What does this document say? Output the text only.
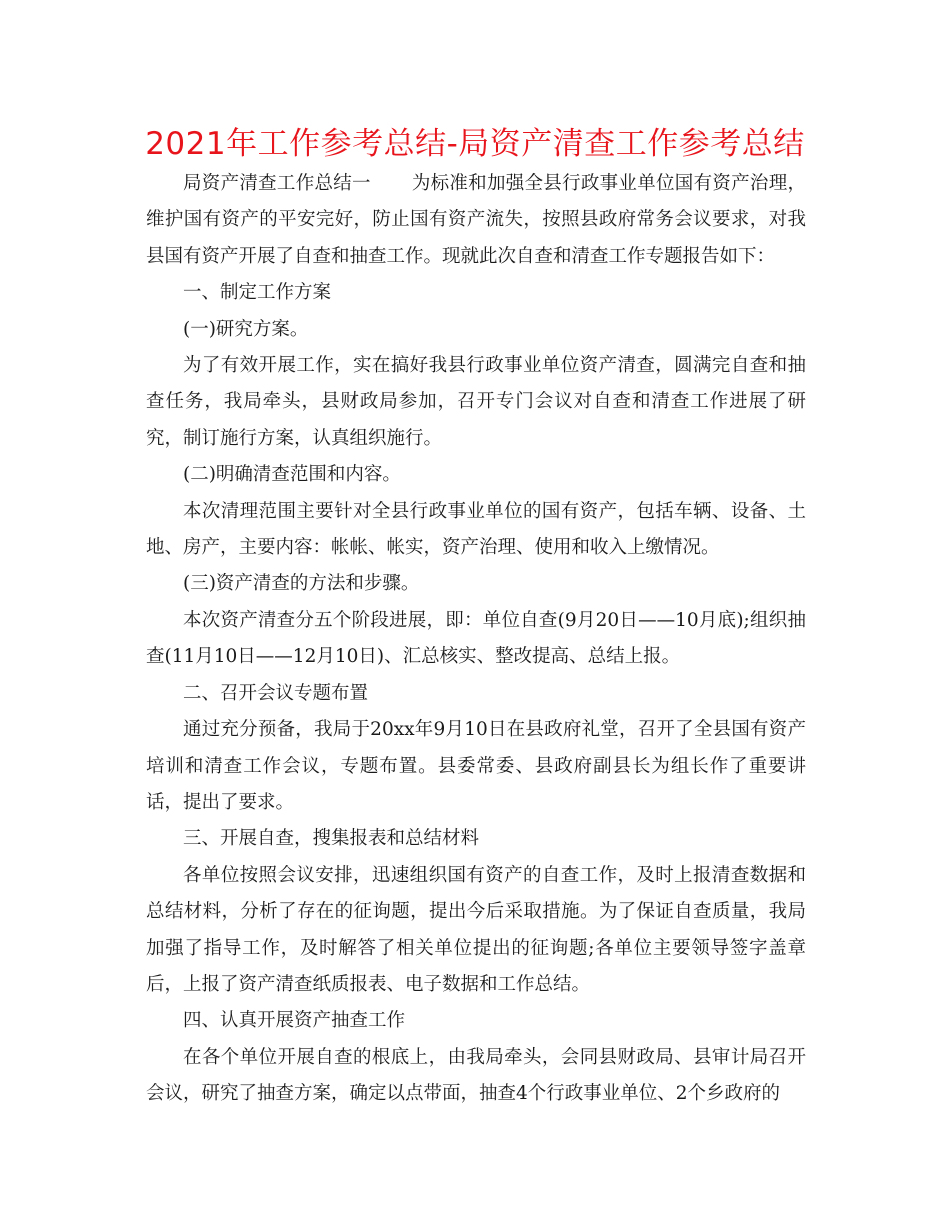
2021年工作参考总结-局资产清查工作参考总结

局资产清查工作总结一 为标准和加强全县行政事业单位国有资产治理，维护国有资产的平安完好，防止国有资产流失，按照县政府常务会议要求，对我县国有资产开展了自查和抽查工作。现就此次自查和清查工作专题报告如下：

一、制定工作方案

(一)研究方案。

为了有效开展工作，实在搞好我县行政事业单位资产清查，圆满完自查和抽查任务，我局牵头，县财政局参加，召开专门会议对自查和清查工作进展了研究，制订施行方案，认真组织施行。

(二)明确清查范围和内容。

本次清理范围主要针对全县行政事业单位的国有资产，包括车辆、设备、土地、房产，主要内容：帐帐、帐实，资产治理、使用和收入上缴情况。

(三)资产清查的方法和步骤。

本次资产清查分五个阶段进展，即：单位自查(9月20日——10月底);组织抽查(11月10日——12月10日)、汇总核实、整改提高、总结上报。

二、召开会议专题布置

通过充分预备，我局于20xx年9月10日在县政府礼堂，召开了全县国有资产培训和清查工作会议，专题布置。县委常委、县政府副县长为组长作了重要讲话，提出了要求。

三、开展自查，搜集报表和总结材料

各单位按照会议安排，迅速组织国有资产的自查工作，及时上报清查数据和总结材料，分析了存在的征询题，提出今后采取措施。为了保证自查质量，我局加强了指导工作，及时解答了相关单位提出的征询题;各单位主要领导签字盖章后，上报了资产清查纸质报表、电子数据和工作总结。

四、认真开展资产抽查工作

在各个单位开展自查的根底上，由我局牵头，会同县财政局、县审计局召开会议，研究了抽查方案，确定以点带面，抽查4个行政事业单位、2个乡政府的
